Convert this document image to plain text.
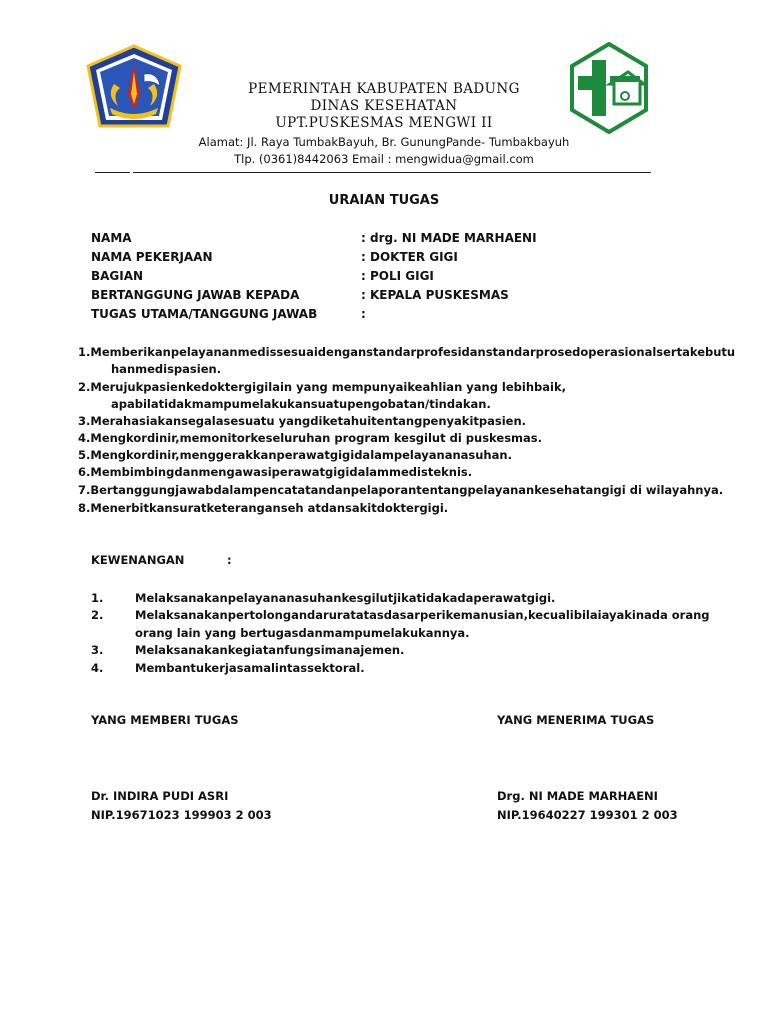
PEMERINTAH KABUPATEN BADUNG
DINAS KESEHATAN
UPT.PUSKESMAS MENGWI II
Alamat: Jl. Raya TumbakBayuh, Br. GunungPande- Tumbakbayuh
Tlp. (0361)8442063 Email : mengwidua@gmail.com
URAIAN TUGAS
NAMA	: drg. NI MADE MARHAENI
NAMA PEKERJAAN	: DOKTER GIGI
BAGIAN	: POLI GIGI
BERTANGGUNG JAWAB KEPADA	: KEPALA PUSKESMAS
TUGAS UTAMA/TANGGUNG JAWAB	:
1.Memberikanpelayananmedissesuaidenganstandarprofesidanstandarprosedoperasionalsertakebutu
hanmedispasien.
2.Merujukpasienkedoktergigilain yang mempunyaikeahlian yang lebihbaik,
apabilatidakmampumelakukansuatupengobatan/tindakan.
3.Merahasiakansegalasesuatu yangdiketahuitentangpenyakitpasien.
4.Mengkordinir,memonitorkeseluruhan program kesgilut di puskesmas.
5.Mengkordinir,menggerakkanperawatgigidalampelayananasuhan.
6.Membimbingdanmengawasiperawatgigidalammedisteknis.
7.Bertanggungjawabdalampencatatandanpelaporantentangpelayanankesehatangigi di wilayahnya.
8.Menerbitkansuratketeranganseh atdansakitdoktergigi.
KEWENANGAN	:
1.	Melaksanakanpelayananasuhankesgilutjikatidakadaperawatgigi.
2.	Melaksanakanpertolongandaruratatasdasarperikemanusian,kecualibilaiayakinada orang
orang lain yang bertugasdanmampumelakukannya.
3.	Melaksanakankegiatanfungsimanajemen.
4.	Membantukerjasamalintassektoral.
YANG MEMBERI TUGAS	YANG MENERIMA TUGAS
Dr. INDIRA PUDI ASRI	Drg. NI MADE MARHAENI
NIP.19671023 199903 2 003	NIP.19640227 199301 2 003
